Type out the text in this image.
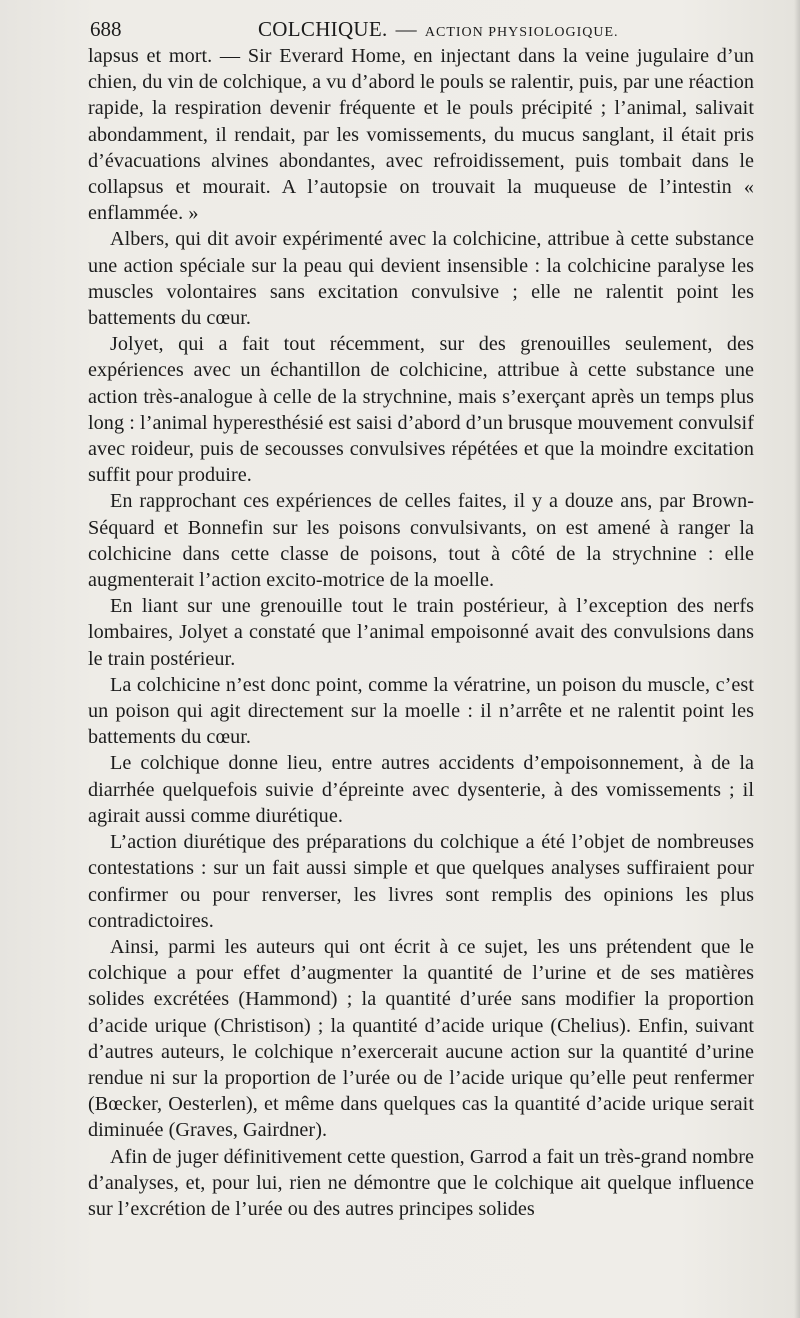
688	COLCHIQUE. — ACTION PHYSIOLOGIQUE.

lapsus et mort. — Sir Everard Home, en injectant dans la veine jugulaire d’un chien, du vin de colchique, a vu d’abord le pouls se ralentir, puis, par une réaction rapide, la respiration devenir fréquente et le pouls précipité ; l’animal, salivait abondamment, il rendait, par les vomissements, du mucus sanglant, il était pris d’évacuations alvines abondantes, avec refroidissement, puis tombait dans le collapsus et mourait. A l’autopsie on trouvait la muqueuse de l’intestin « enflammée. »

Albers, qui dit avoir expérimenté avec la colchicine, attribue à cette substance une action spéciale sur la peau qui devient insensible : la colchicine paralyse les muscles volontaires sans excitation convulsive ; elle ne ralentit point les battements du cœur.

Jolyet, qui a fait tout récemment, sur des grenouilles seulement, des expériences avec un échantillon de colchicine, attribue à cette substance une action très-analogue à celle de la strychnine, mais s’exerçant après un temps plus long : l’animal hyperesthésié est saisi d’abord d’un brusque mouvement convulsif avec roideur, puis de secousses convulsives répétées et que la moindre excitation suffit pour produire.

En rapprochant ces expériences de celles faites, il y a douze ans, par Brown-Séquard et Bonnefin sur les poisons convulsivants, on est amené à ranger la colchicine dans cette classe de poisons, tout à côté de la strychnine : elle augmenterait l’action excito-motrice de la moelle.

En liant sur une grenouille tout le train postérieur, à l’exception des nerfs lombaires, Jolyet a constaté que l’animal empoisonné avait des convulsions dans le train postérieur.

La colchicine n’est donc point, comme la vératrine, un poison du muscle, c’est un poison qui agit directement sur la moelle : il n’arrête et ne ralentit point les battements du cœur.

Le colchique donne lieu, entre autres accidents d’empoisonnement, à de la diarrhée quelquefois suivie d’épreinte avec dysenterie, à des vomissements ; il agirait aussi comme diurétique.

L’action diurétique des préparations du colchique a été l’objet de nombreuses contestations : sur un fait aussi simple et que quelques analyses suffiraient pour confirmer ou pour renverser, les livres sont remplis des opinions les plus contradictoires.

Ainsi, parmi les auteurs qui ont écrit à ce sujet, les uns prétendent que le colchique a pour effet d’augmenter la quantité de l’urine et de ses matières solides excrétées (Hammond) ; la quantité d’urée sans modifier la proportion d’acide urique (Christison) ; la quantité d’acide urique (Chelius). Enfin, suivant d’autres auteurs, le colchique n’exercerait aucune action sur la quantité d’urine rendue ni sur la proportion de l’urée ou de l’acide urique qu’elle peut renfermer (Bœcker, Oesterlen), et même dans quelques cas la quantité d’acide urique serait diminuée (Graves, Gairdner).

Afin de juger définitivement cette question, Garrod a fait un très-grand nombre d’analyses, et, pour lui, rien ne démontre que le colchique ait quelque influence sur l’excrétion de l’urée ou des autres principes solides
